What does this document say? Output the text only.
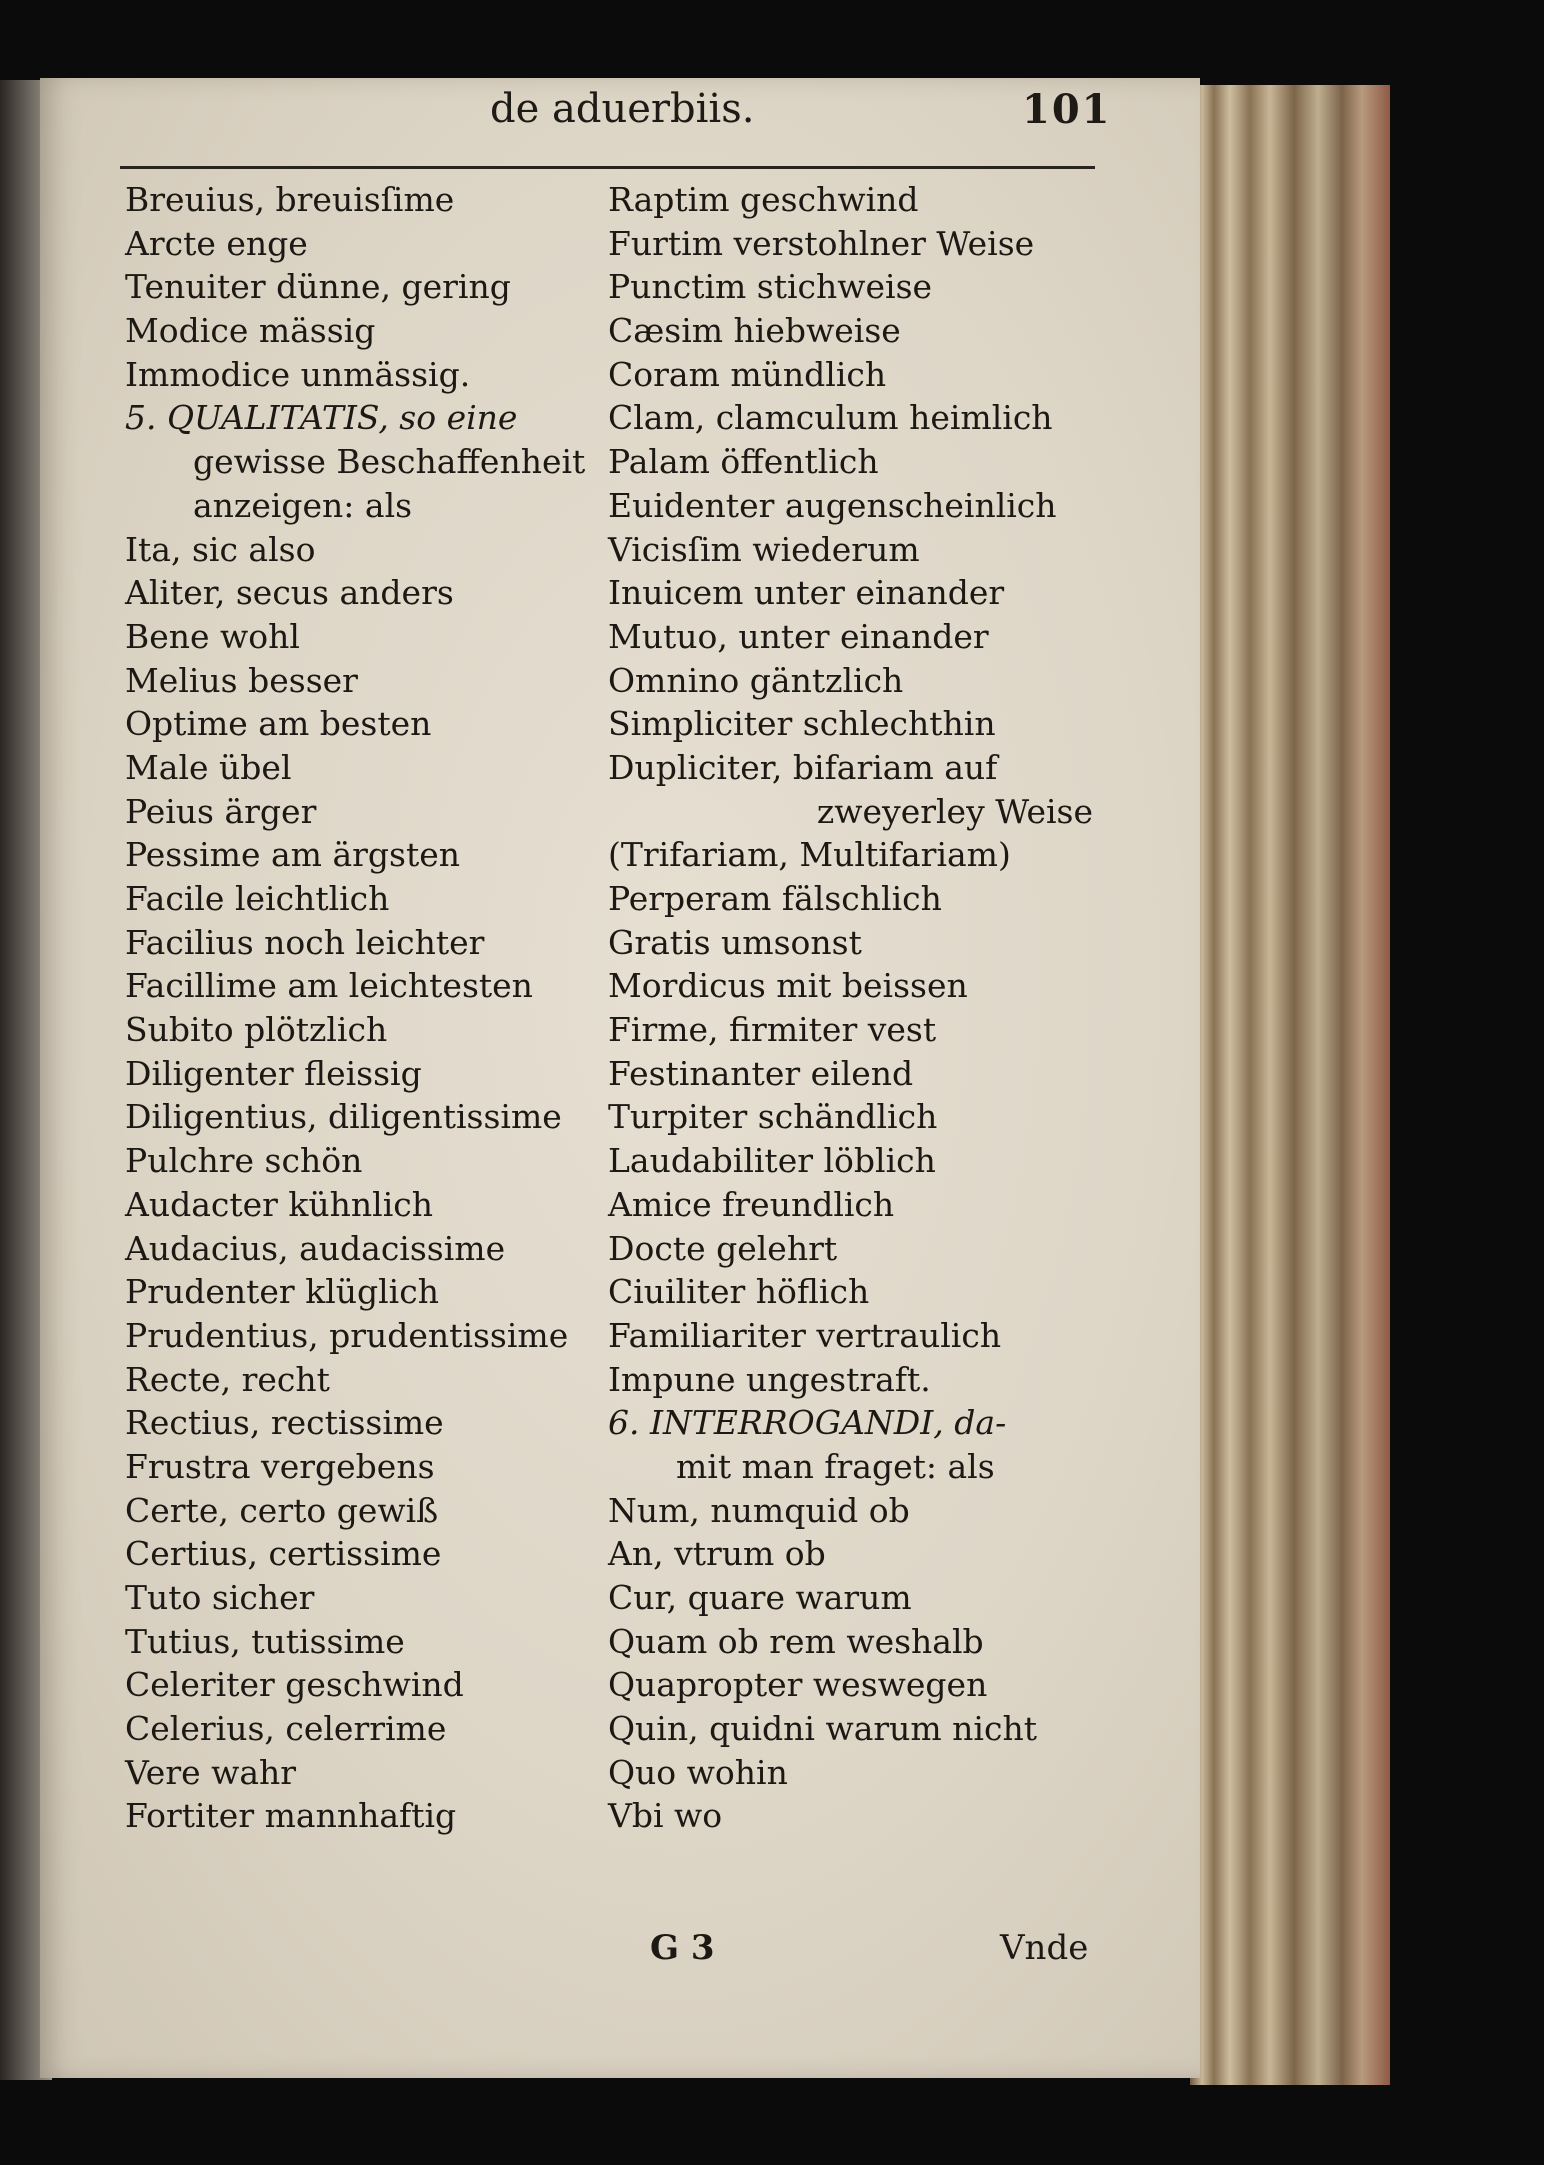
de aduerbiis.	101
Breuius, breuisſime
Arcte enge
Tenuiter dünne, gering
Modice mässig
Immodice unmässig.
5. QUALITATIS, so eine
gewisse Beschaffenheit
anzeigen: als
Ita, sic also
Aliter, secus anders
Bene wohl
Melius besser
Optime am besten
Male übel
Peius ärger
Pessime am ärgsten
Facile leichtlich
Facilius noch leichter
Facillime am leichtesten
Subito plötzlich
Diligenter fleissig
Diligentius, diligentissime
Pulchre schön
Audacter kühnlich
Audacius, audacissime
Prudenter klüglich
Prudentius, prudentissime
Recte, recht
Rectius, rectissime
Frustra vergebens
Certe, certo gewiß
Certius, certissime
Tuto sicher
Tutius, tutissime
Celeriter geschwind
Celerius, celerrime
Vere wahr
Fortiter mannhaftig
Raptim geschwind
Furtim verstohlner Weise
Punctim stichweise
Cæsim hiebweise
Coram mündlich
Clam, clamculum heimlich
Palam öffentlich
Euidenter augenscheinlich
Vicisſim wiederum
Inuicem unter einander
Mutuo, unter einander
Omnino gäntzlich
Simpliciter schlechthin
Dupliciter, bifariam auf
zweyerley Weise
(Trifariam, Multifariam)
Perperam fälschlich
Gratis umsonst
Mordicus mit beissen
Firme, firmiter vest
Festinanter eilend
Turpiter schändlich
Laudabiliter löblich
Amice freundlich
Docte gelehrt
Ciuiliter höflich
Familiariter vertraulich
Impune ungestraft.
6. INTERROGANDI, da-
mit man fraget: als
Num, numquid ob
An, vtrum ob
Cur, quare warum
Quam ob rem weshalb
Quapropter weswegen
Quin, quidni warum nicht
Quo wohin
Vbi wo
G 3	Vnde
